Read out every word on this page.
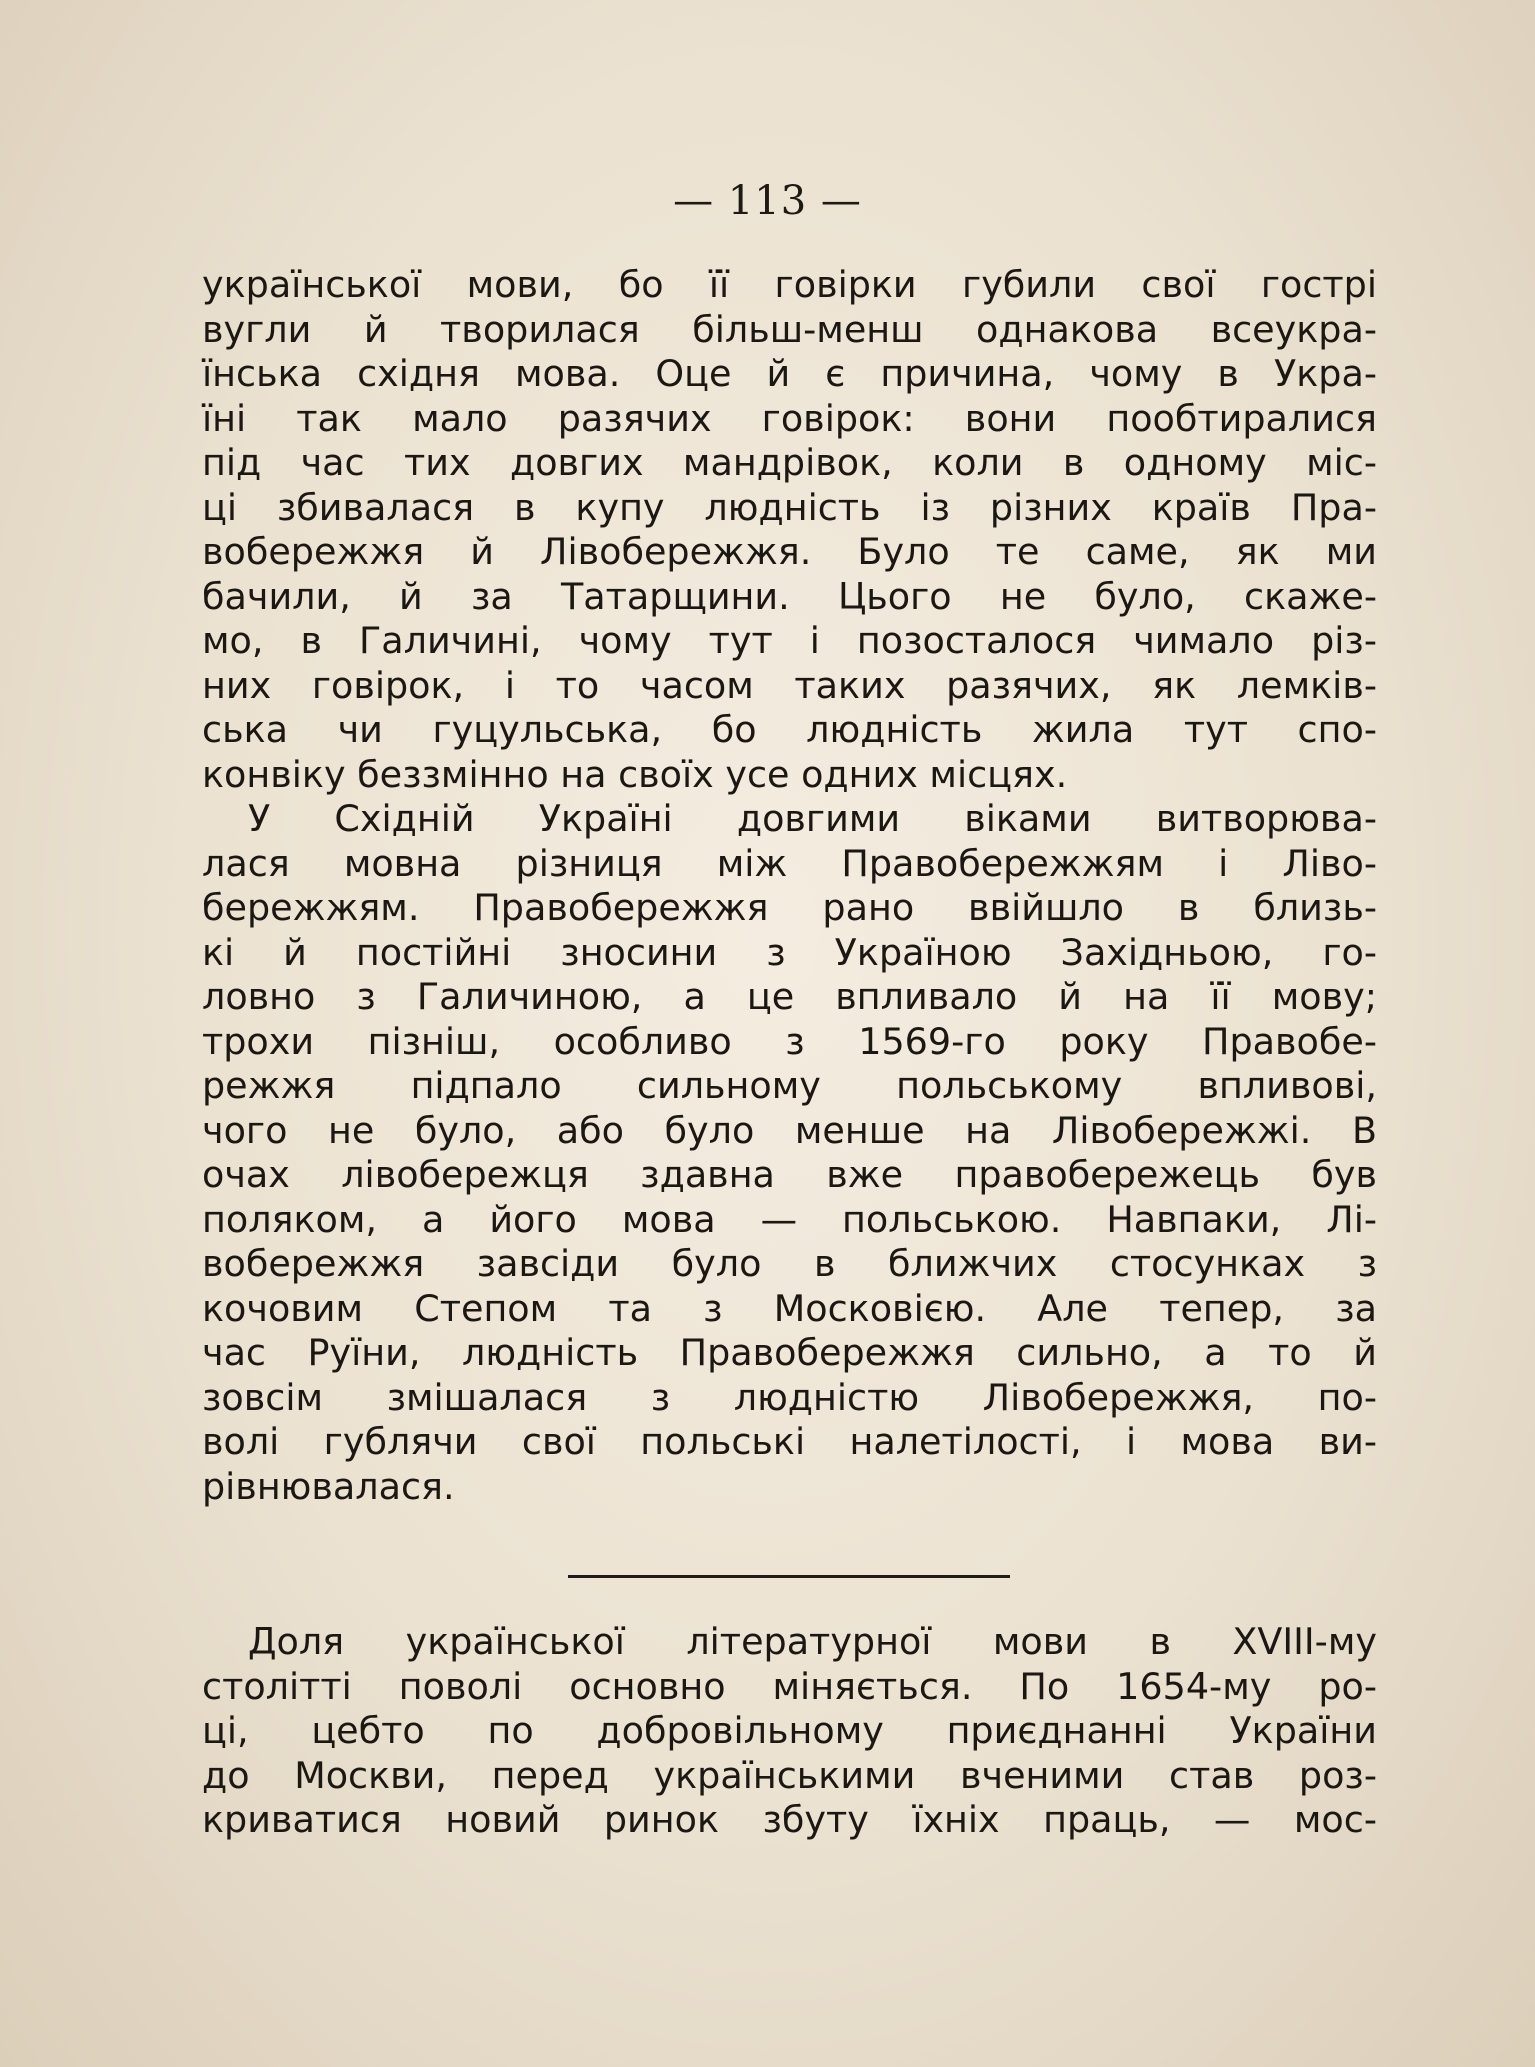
— 113 —
української мови, бо її говірки губили свої гострі
вугли й творилася більш-менш однакова всеукра-
їнська східня мова. Оце й є причина, чому в Укра-
їні так мало разячих говірок: вони пообтиралися
під час тих довгих мандрівок, коли в одному міс-
ці збивалася в купу людність із різних країв Пра-
вобережжя й Лівобережжя. Було те саме, як ми
бачили, й за Татарщини. Цього не було, скаже-
мо, в Галичині, чому тут і позосталося чимало різ-
них говірок, і то часом таких разячих, як лемків-
ська чи гуцульська, бо людність жила тут спо-
конвіку беззмінно на своїх усе одних місцях.
У Східній Україні довгими віками витворюва-
лася мовна різниця між Правобережжям і Ліво-
бережжям. Правобережжя рано ввійшло в близь-
кі й постійні зносини з Україною Західньою, го-
ловно з Галичиною, а це впливало й на її мову;
трохи пізніш, особливо з 1569-го року Правобе-
режжя підпало сильному польському впливові,
чого не було, або було менше на Лівобережжі. В
очах лівобережця здавна вже правобережець був
поляком, а його мова — польською. Навпаки, Лі-
вобережжя завсіди було в ближчих стосунках з
кочовим Степом та з Московією. Але тепер, за
час Руїни, людність Правобережжя сильно, а то й
зовсім змішалася з людністю Лівобережжя, по-
волі гублячи свої польські налетілості, і мова ви-
рівнювалася.
Доля української літературної мови в XVIII-му
столітті поволі основно міняється. По 1654-му ро-
ці, цебто по добровільному приєднанні України
до Москви, перед українськими вченими став роз-
криватися новий ринок збуту їхніх праць, — мос-
